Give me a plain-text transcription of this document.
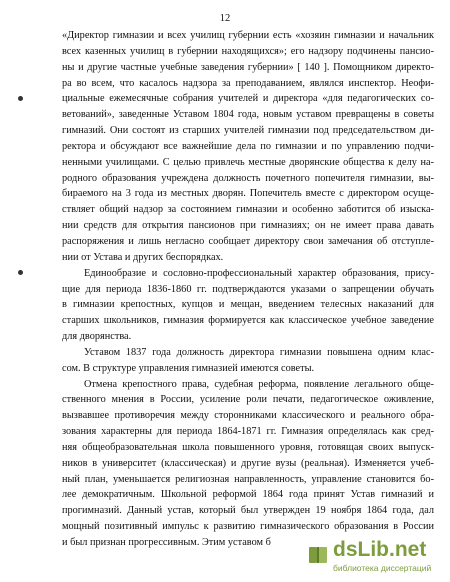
12
«Директор гимназии и всех училищ губернии есть «хозяин гимназии и начальник
всех казенных училищ в губернии находящихся»; его надзору подчинены пансио-
ны и другие частные учебные заведения губернии» [ 140 ]. Помощником директо-
ра во всем, что касалось надзора за преподаванием, являлся инспектор. Неофи-
циальные ежемесячные собрания учителей и директора «для педагогических со-
ветований», заведенные Уставом 1804 года, новым уставом превращены в советы
гимназий. Они состоят из старших учителей гимназии под председательством ди-
ректора и обсуждают все важнейшие дела по гимназии и по управлению подчи-
ненными училищами. С целью привлечь местные дворянские общества к делу на-
родного образования учреждена должность почетного попечителя гимназии, вы-
бираемого на 3 года из местных дворян. Попечитель вместе с директором осуще-
ствляет общий надзор за состоянием гимназии и особенно заботится об изыска-
нии средств для открытия пансионов при гимназиях; он не имеет права давать
распоряжения и лишь негласно сообщает директору свои замечания об отступле-
нии от Устава и других беспорядках.
Единообразие и сословно-профессиональный характер образования, прису-
щие для периода 1836-1860 гг. подтверждаются указами о запрещении обучать
в гимназии крепостных, купцов и мещан, введением телесных наказаний для
старших школьников, гимназия формируется как классическое учебное заведение
для дворянства.
Уставом 1837 года должность директора гимназии повышена одним клас-
сом. В структуре управления гимназией имеются советы.
Отмена крепостного права, судебная реформа, появление легального обще-
ственного мнения в России, усиление роли печати, педагогическое оживление,
вызвавшее противоречия между сторонниками классического и реального обра-
зования характерны для периода 1864-1871 гг. Гимназия определялась как сред-
няя общеобразовательная школа повышенного уровня, готовящая своих выпуск-
ников в университет (классическая) и другие вузы (реальная). Изменяется учеб-
ный план, уменьшается религиозная направленность, управление становится бо-
лее демократичным. Школьной реформой 1864 года принят Устав гимназий и
прогимназий. Данный устав, который был утвержден 19 ноября 1864 года, дал
мощный позитивный импульс к развитию гимназического образования в России
и был признан прогрессивным. Этим уставом б	dsLib.net
библиотека диссертаций
